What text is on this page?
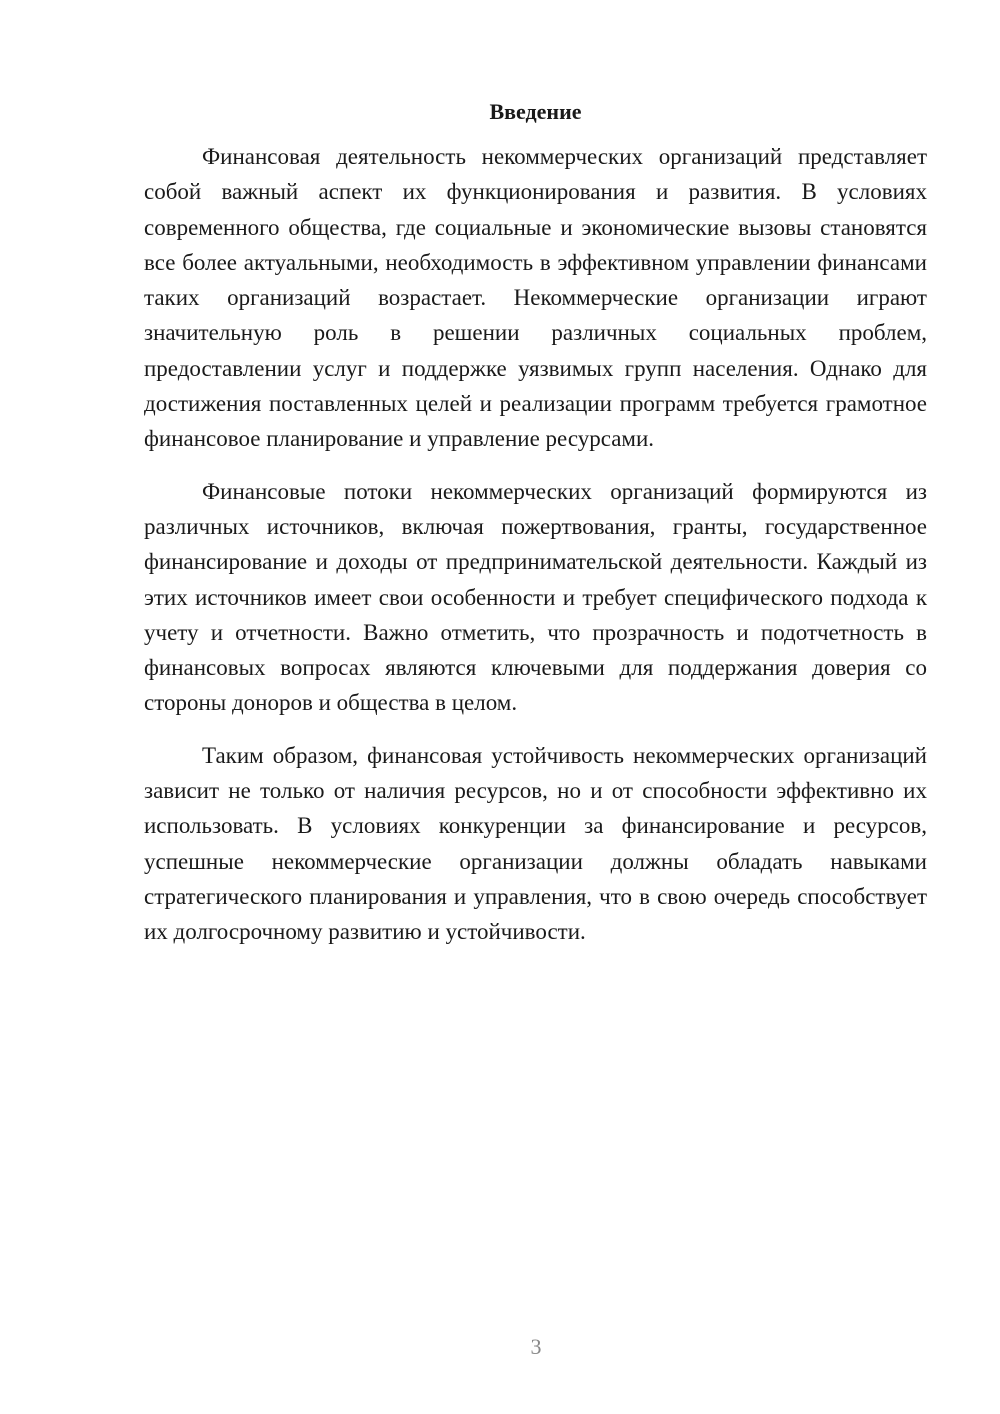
Введение

Финансовая деятельность некоммерческих организаций представляет собой важный аспект их функционирования и развития. В условиях современного общества, где социальные и экономические вызовы становятся все более актуальными, необходимость в эффективном управлении финансами таких организаций возрастает. Некоммерческие организации играют значительную роль в решении различных социальных проблем, предоставлении услуг и поддержке уязвимых групп населения. Однако для достижения поставленных целей и реализации программ требуется грамотное финансовое планирование и управление ресурсами.

Финансовые потоки некоммерческих организаций формируются из различных источников, включая пожертвования, гранты, государственное финансирование и доходы от предпринимательской деятельности. Каждый из этих источников имеет свои особенности и требует специфического подхода к учету и отчетности. Важно отметить, что прозрачность и подотчетность в финансовых вопросах являются ключевыми для поддержания доверия со стороны доноров и общества в целом.

Таким образом, финансовая устойчивость некоммерческих организаций зависит не только от наличия ресурсов, но и от способности эффективно их использовать. В условиях конкуренции за финансирование и ресурсов, успешные некоммерческие организации должны обладать навыками стратегического планирования и управления, что в свою очередь способствует их долгосрочному развитию и устойчивости.

3
